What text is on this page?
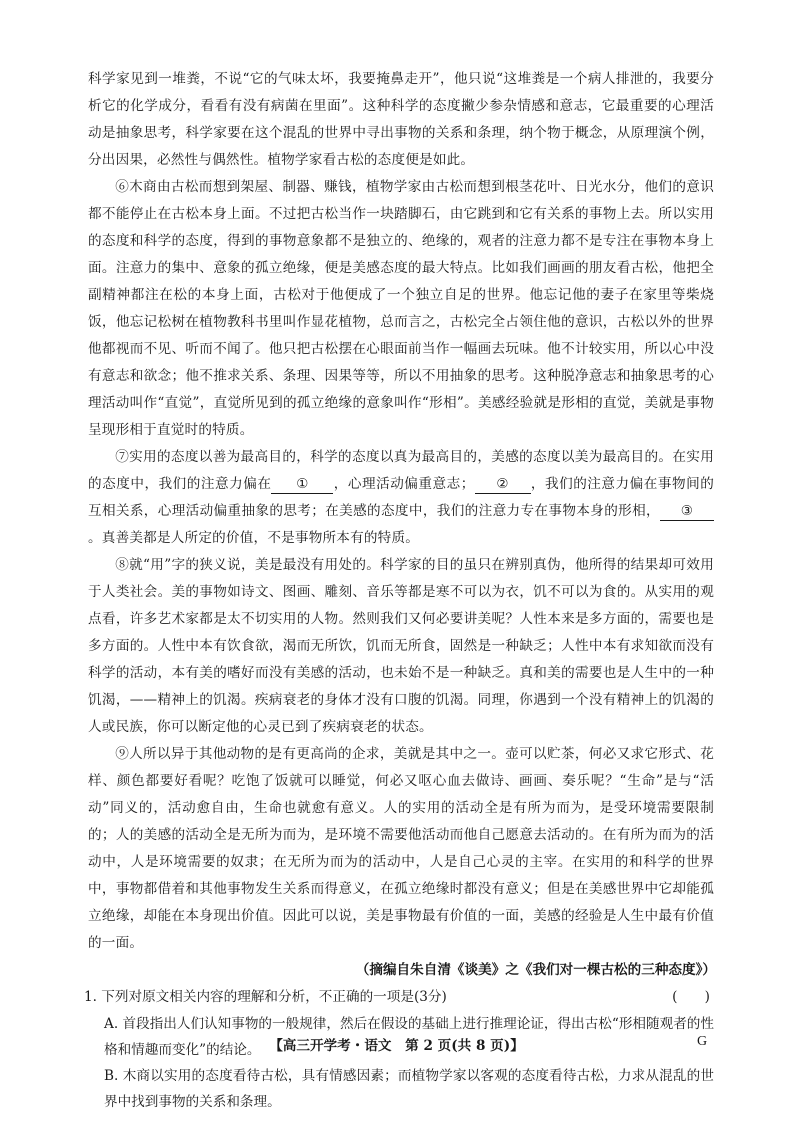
科学家见到一堆粪，不说“它的气味太坏，我要掩鼻走开”，他只说“这堆粪是一个病人排泄的，我要分析它的化学成分，看看有没有病菌在里面”。这种科学的态度撇少参杂情感和意志，它最重要的心理活动是抽象思考，科学家要在这个混乱的世界中寻出事物的关系和条理，纳个物于概念，从原理演个例，分出因果，必然性与偶然性。植物学家看古松的态度便是如此。

⑥木商由古松而想到架屋、制器、赚钱，植物学家由古松而想到根茎花叶、日光水分，他们的意识都不能停止在古松本身上面。不过把古松当作一块踏脚石，由它跳到和它有关系的事物上去。所以实用的态度和科学的态度，得到的事物意象都不是独立的、绝缘的，观者的注意力都不是专注在事物本身上面。注意力的集中、意象的孤立绝缘，便是美感态度的最大特点。比如我们画画的朋友看古松，他把全副精神都注在松的本身上面，古松对于他便成了一个独立自足的世界。他忘记他的妻子在家里等柴烧饭，他忘记松树在植物教科书里叫作显花植物，总而言之，古松完全占领住他的意识，古松以外的世界他都视而不见、听而不闻了。他只把古松摆在心眼面前当作一幅画去玩味。他不计较实用，所以心中没有意志和欲念；他不推求关系、条理、因果等等，所以不用抽象的思考。这种脱净意志和抽象思考的心理活动叫作“直觉”，直觉所见到的孤立绝缘的意象叫作“形相”。美感经验就是形相的直觉，美就是事物呈现形相于直觉时的特质。

⑦实用的态度以善为最高目的，科学的态度以真为最高目的，美感的态度以美为最高目的。在实用的态度中，我们的注意力偏在 ① ，心理活动偏重意志； ② ，我们的注意力偏在事物间的互相关系，心理活动偏重抽象的思考；在美感的态度中，我们的注意力专在事物本身的形相， ③。真善美都是人所定的价值，不是事物所本有的特质。

⑧就“用”字的狭义说，美是最没有用处的。科学家的目的虽只在辨别真伪，他所得的结果却可效用于人类社会。美的事物如诗文、图画、雕刻、音乐等都是寒不可以为衣，饥不可以为食的。从实用的观点看，许多艺术家都是太不切实用的人物。然则我们又何必要讲美呢？人性本来是多方面的，需要也是多方面的。人性中本有饮食欲，渴而无所饮，饥而无所食，固然是一种缺乏；人性中本有求知欲而没有科学的活动，本有美的嗜好而没有美感的活动，也未始不是一种缺乏。真和美的需要也是人生中的一种饥渴，——精神上的饥渴。疾病衰老的身体才没有口腹的饥渴。同理，你遇到一个没有精神上的饥渴的人或民族，你可以断定他的心灵已到了疾病衰老的状态。

⑨人所以异于其他动物的是有更高尚的企求，美就是其中之一。壶可以贮茶，何必又求它形式、花样、颜色都要好看呢？吃饱了饭就可以睡觉，何必又呕心血去做诗、画画、奏乐呢？“生命”是与“活动”同义的，活动愈自由，生命也就愈有意义。人的实用的活动全是有所为而为，是受环境需要限制的；人的美感的活动全是无所为而为，是环境不需要他活动而他自己愿意去活动的。在有所为而为的活动中，人是环境需要的奴隶；在无所为而为的活动中，人是自己心灵的主宰。在实用的和科学的世界中，事物都借着和其他事物发生关系而得意义，在孤立绝缘时都没有意义；但是在美感世界中它却能孤立绝缘，却能在本身现出价值。因此可以说，美是事物最有价值的一面，美感的经验是人生中最有价值的一面。

（摘编自朱自清《谈美》之《我们对一棵古松的三种态度》）

1. 下列对原文相关内容的理解和分析，不正确的一项是(3分)	(　　)

A. 首段指出人们认知事物的一般规律，然后在假设的基础上进行推理论证，得出古松“形相随观者的性格和情趣而变化”的结论。

B. 木商以实用的态度看待古松，具有情感因素；而植物学家以客观的态度看待古松，力求从混乱的世界中找到事物的关系和条理。

【高三开学考・语文　第 2 页(共 8 页)】	G
